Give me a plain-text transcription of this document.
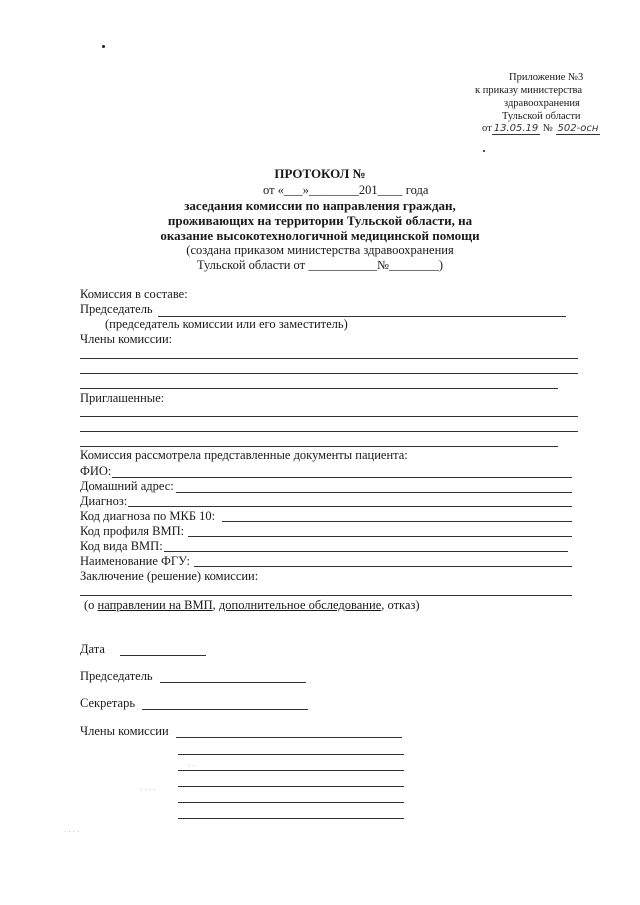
Приложение №3
к приказу министерства
здравоохранения
Тульской области
от 13.05.19 № 502-осн
ПРОТОКОЛ №
от «___»________201____ года
заседания комиссии по направления граждан,
проживающих на территории Тульской области, на
оказание высокотехнологичной медицинской помощи
(создана приказом министерства здравоохранения
Тульской области от ___________№________)
Комиссия в составе:
Председатель
(председатель комиссии или его заместитель)
Члены комиссии:
Приглашенные:
Комиссия рассмотрела представленные документы пациента:
ФИО:
Домашний адрес:
Диагноз:
Код диагноза по МКБ 10:
Код профиля ВМП:
Код вида ВМП:
Наименование ФГУ:
Заключение (решение) комиссии:
(о направлении на ВМП, дополнительное обследование, отказ)
Дата
Председатель
Секретарь
Члены комиссии
· ·
· · · ·
· · · ·
